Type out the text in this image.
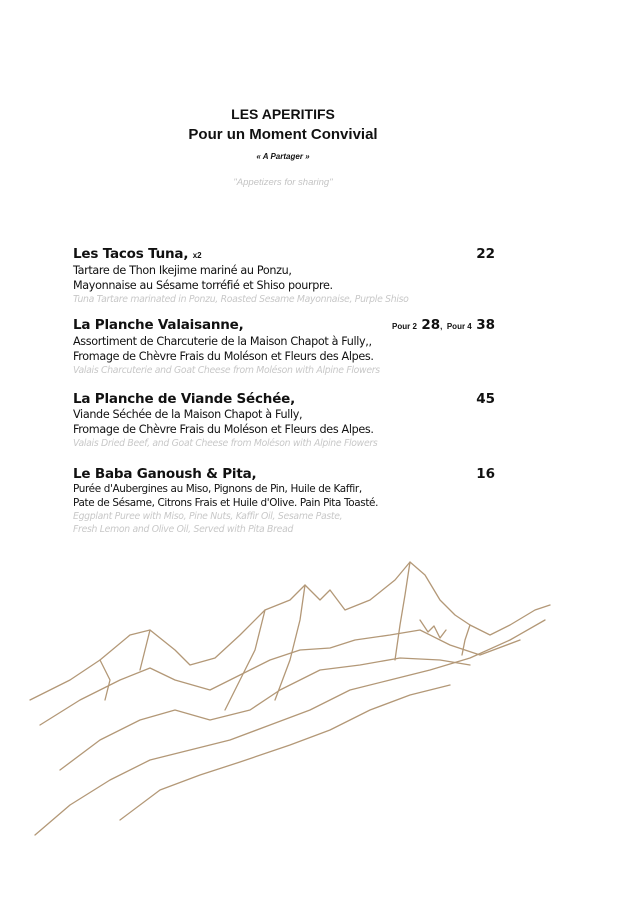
LES APERITIFS
Pour un Moment Convivial
« A Partager »
"Appetizers for sharing"
Les Tacos Tuna, x2	22
Tartare de Thon Ikejime mariné au Ponzu,
Mayonnaise au Sésame torréfié et Shiso pourpre.
Tuna Tartare marinated in Ponzu, Roasted Sesame Mayonnaise, Purple Shiso
La Planche Valaisanne,	Pour 2 28, Pour 4 38
Assortiment de Charcuterie de la Maison Chapot à Fully,,
Fromage de Chèvre Frais du Moléson et Fleurs des Alpes.
Valais Charcuterie and Goat Cheese from Moléson with Alpine Flowers
La Planche de Viande Séchée,	45
Viande Séchée de la Maison Chapot à Fully,
Fromage de Chèvre Frais du Moléson et Fleurs des Alpes.
Valais Dried Beef, and Goat Cheese from Moléson with Alpine Flowers
Le Baba Ganoush & Pita,	16
Purée d'Aubergines au Miso, Pignons de Pin, Huile de Kaffir,
Pate de Sésame, Citrons Frais et Huile d'Olive. Pain Pita Toasté.
Eggplant Puree with Miso, Pine Nuts, Kaffir Oil, Sesame Paste,
Fresh Lemon and Olive Oil, Served with Pita Bread
